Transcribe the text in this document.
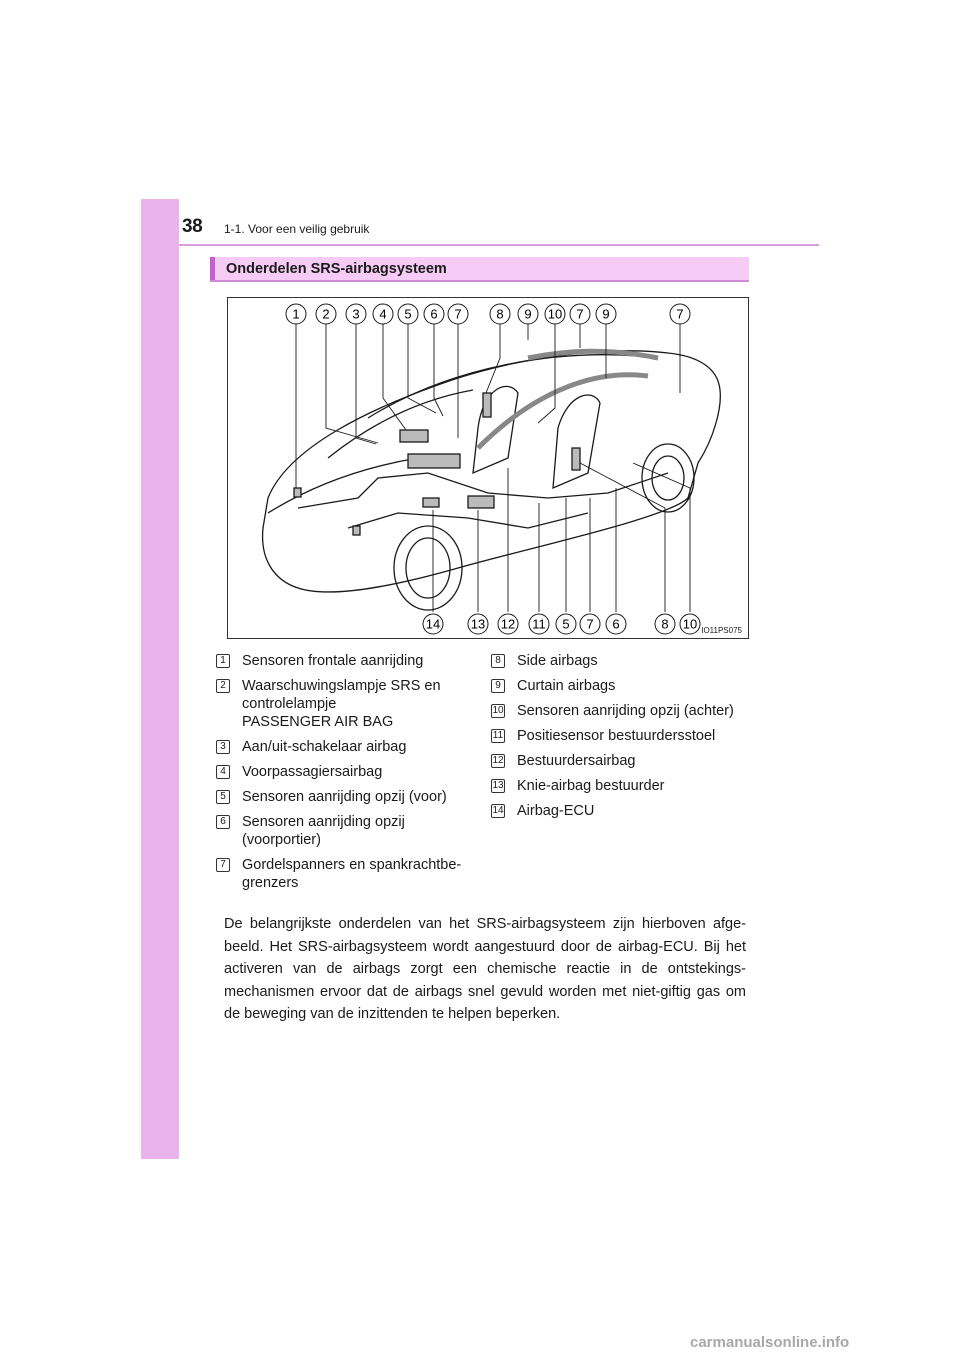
38 1-1. Voor een veilig gebruik
Onderdelen SRS-airbagsysteem
1 2 3 4 5 6 7	8 9 10 7 9	7
14 13 12 11 5 7 6	8 10 IO11PS075
1 Sensoren frontale aanrijding
2 Waarschuwingslampje SRS en
controlelampje
PASSENGER AIR BAG
3 Aan/uit-schakelaar airbag
4 Voorpassagiersairbag
5 Sensoren aanrijding opzij (voor)
6 Sensoren aanrijding opzij
(voorportier)
7 Gordelspanners en spankrachtbe-
grenzers
8 Side airbags
9 Curtain airbags
10 Sensoren aanrijding opzij (achter)
11 Positiesensor bestuurdersstoel
12 Bestuurdersairbag
13 Knie-airbag bestuurder
14 Airbag-ECU
De belangrijkste onderdelen van het SRS-airbagsysteem zijn hierboven afge-beeld. Het SRS-airbagsysteem wordt aangestuurd door de airbag-ECU. Bij het activeren van de airbags zorgt een chemische reactie in de ontstekings-mechanismen ervoor dat de airbags snel gevuld worden met niet-giftig gas om de beweging van de inzittenden te helpen beperken.
carmanualsonline.info
